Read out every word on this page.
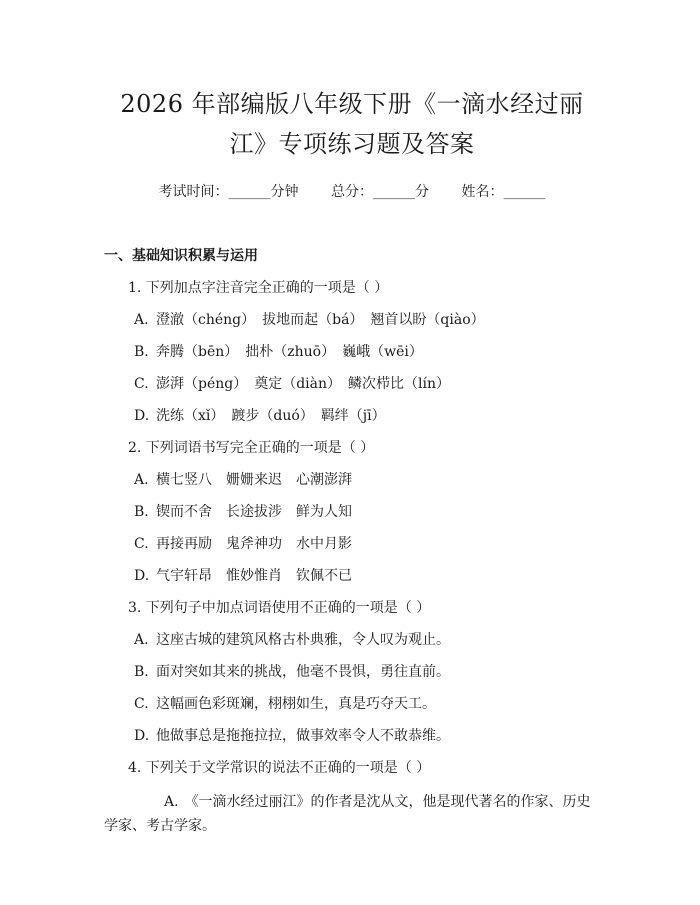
2026 年部编版八年级下册《一滴水经过丽
江》专项练习题及答案
考试时间：______分钟 总分：______分 姓名：______
一、基础知识积累与运用
1. 下列加点字注音完全正确的一项是（ ）
A. 澄澈（chéng）　拔地而起（bá）　翘首以盼（qiào）
B. 奔腾（bēn）　拙朴（zhuō）　巍峨（wēi）
C. 澎湃（péng）　奠定（diàn）　鳞次栉比（lín）
D. 洗练（xǐ）　踱步（duó）　羁绊（jī）
2. 下列词语书写完全正确的一项是（ ）
A. 横七竖八　姗姗来迟　心潮澎湃
B. 锲而不舍　长途拔涉　鲜为人知
C. 再接再励　鬼斧神功　水中月影
D. 气宇轩昂　惟妙惟肖　钦佩不已
3. 下列句子中加点词语使用不正确的一项是（ ）
A. 这座古城的建筑风格古朴典雅，令人叹为观止。
B. 面对突如其来的挑战，他毫不畏惧，勇往直前。
C. 这幅画色彩斑斓，栩栩如生，真是巧夺天工。
D. 他做事总是拖拖拉拉，做事效率令人不敢恭维。
4. 下列关于文学常识的说法不正确的一项是（ ）
A. 《一滴水经过丽江》的作者是沈从文，他是现代著名的作家、历史学家、考古学家。
